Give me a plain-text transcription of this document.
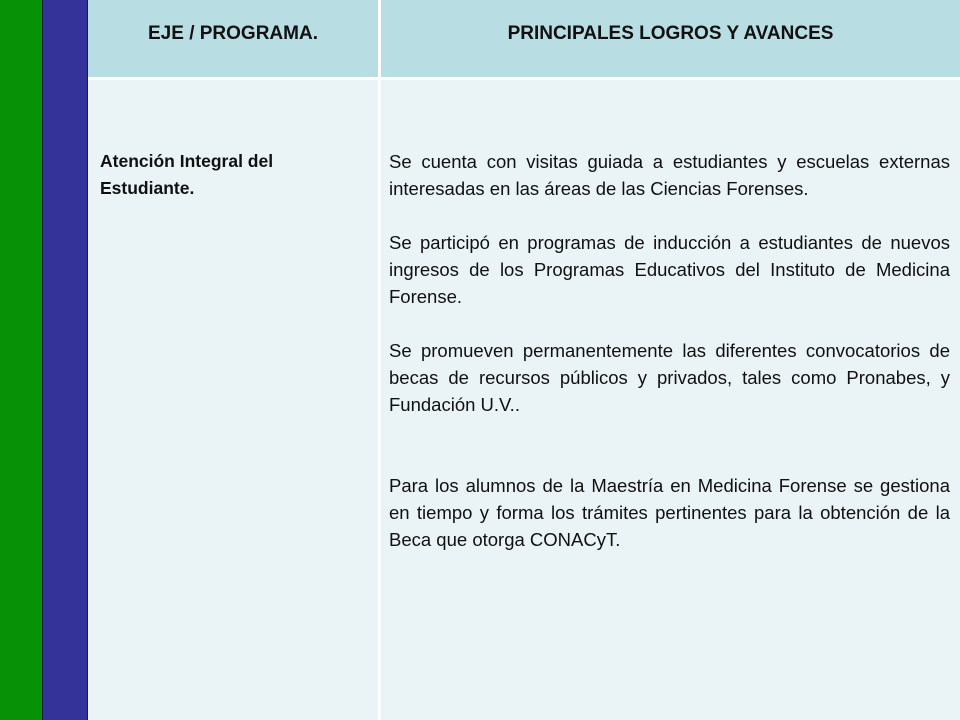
EJE / PROGRAMA.	PRINCIPALES LOGROS Y AVANCES
Atención Integral del Estudiante.

Se cuenta con visitas guiada a estudiantes y escuelas externas interesadas en las áreas de las Ciencias Forenses.

Se participó en programas de inducción a estudiantes de nuevos ingresos de los Programas Educativos del Instituto de Medicina Forense.

Se promueven permanentemente las diferentes convocatorios de becas de recursos públicos y privados, tales como Pronabes, y Fundación U.V..

Para los alumnos de la Maestría en Medicina Forense se gestiona en tiempo y forma los trámites pertinentes para la obtención de la Beca que otorga CONACyT.
